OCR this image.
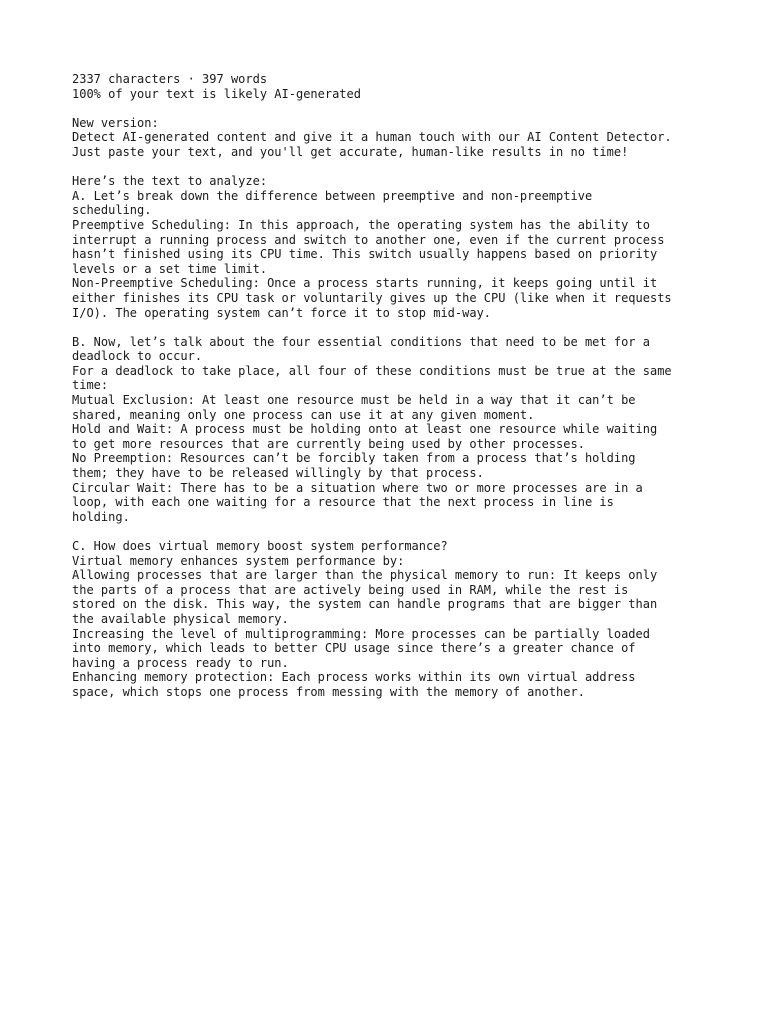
2337 characters · 397 words
100% of your text is likely AI-generated
New version:
Detect AI-generated content and give it a human touch with our AI Content Detector.
Just paste your text, and you'll get accurate, human-like results in no time!
Here’s the text to analyze:
A. Let’s break down the difference between preemptive and non-preemptive
scheduling.
Preemptive Scheduling: In this approach, the operating system has the ability to
interrupt a running process and switch to another one, even if the current process
hasn’t finished using its CPU time. This switch usually happens based on priority
levels or a set time limit.
Non-Preemptive Scheduling: Once a process starts running, it keeps going until it
either finishes its CPU task or voluntarily gives up the CPU (like when it requests
I/O). The operating system can’t force it to stop mid-way.
B. Now, let’s talk about the four essential conditions that need to be met for a
deadlock to occur.
For a deadlock to take place, all four of these conditions must be true at the same
time:
Mutual Exclusion: At least one resource must be held in a way that it can’t be
shared, meaning only one process can use it at any given moment.
Hold and Wait: A process must be holding onto at least one resource while waiting
to get more resources that are currently being used by other processes.
No Preemption: Resources can’t be forcibly taken from a process that’s holding
them; they have to be released willingly by that process.
Circular Wait: There has to be a situation where two or more processes are in a
loop, with each one waiting for a resource that the next process in line is
holding.
C. How does virtual memory boost system performance?
Virtual memory enhances system performance by:
Allowing processes that are larger than the physical memory to run: It keeps only
the parts of a process that are actively being used in RAM, while the rest is
stored on the disk. This way, the system can handle programs that are bigger than
the available physical memory.
Increasing the level of multiprogramming: More processes can be partially loaded
into memory, which leads to better CPU usage since there’s a greater chance of
having a process ready to run.
Enhancing memory protection: Each process works within its own virtual address
space, which stops one process from messing with the memory of another.
